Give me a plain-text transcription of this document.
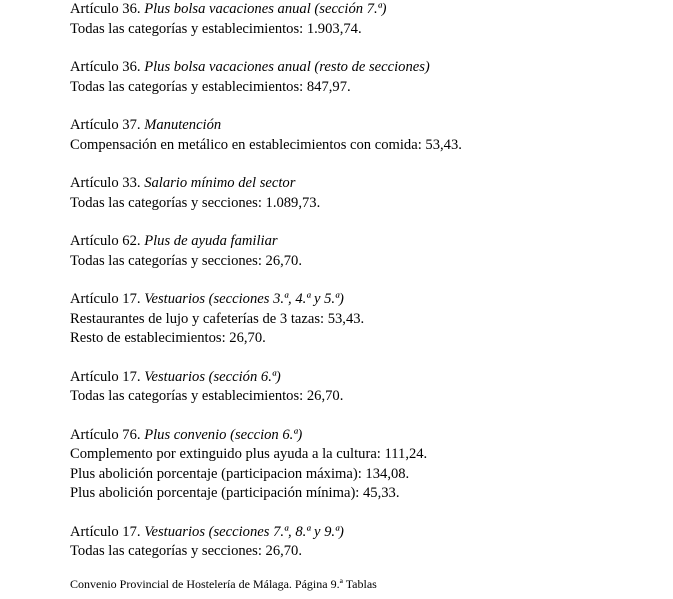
Artículo 36. Plus bolsa vacaciones anual (sección 7.ª)
Todas las categorías y establecimientos: 1.903,74.
Artículo 36. Plus bolsa vacaciones anual (resto de secciones)
Todas las categorías y establecimientos: 847,97.
Artículo 37. Manutención
Compensación en metálico en establecimientos con comida: 53,43.
Artículo 33. Salario mínimo del sector
Todas las categorías y secciones: 1.089,73.
Artículo 62. Plus de ayuda familiar
Todas las categorías y secciones: 26,70.
Artículo 17. Vestuarios (secciones 3.ª, 4.ª y 5.ª)
Restaurantes de lujo y cafeterías de 3 tazas: 53,43.
Resto de establecimientos: 26,70.
Artículo 17. Vestuarios (sección 6.ª)
Todas las categorías y establecimientos: 26,70.
Artículo 76. Plus convenio (seccion 6.ª)
Complemento por extinguido plus ayuda a la cultura: 111,24.
Plus abolición porcentaje (participacion máxima): 134,08.
Plus abolición porcentaje (participación mínima): 45,33.
Artículo 17. Vestuarios (secciones 7.ª, 8.ª y 9.ª)
Todas las categorías y secciones: 26,70.
Convenio Provincial de Hostelería de Málaga. Página 9.ª Tablas
